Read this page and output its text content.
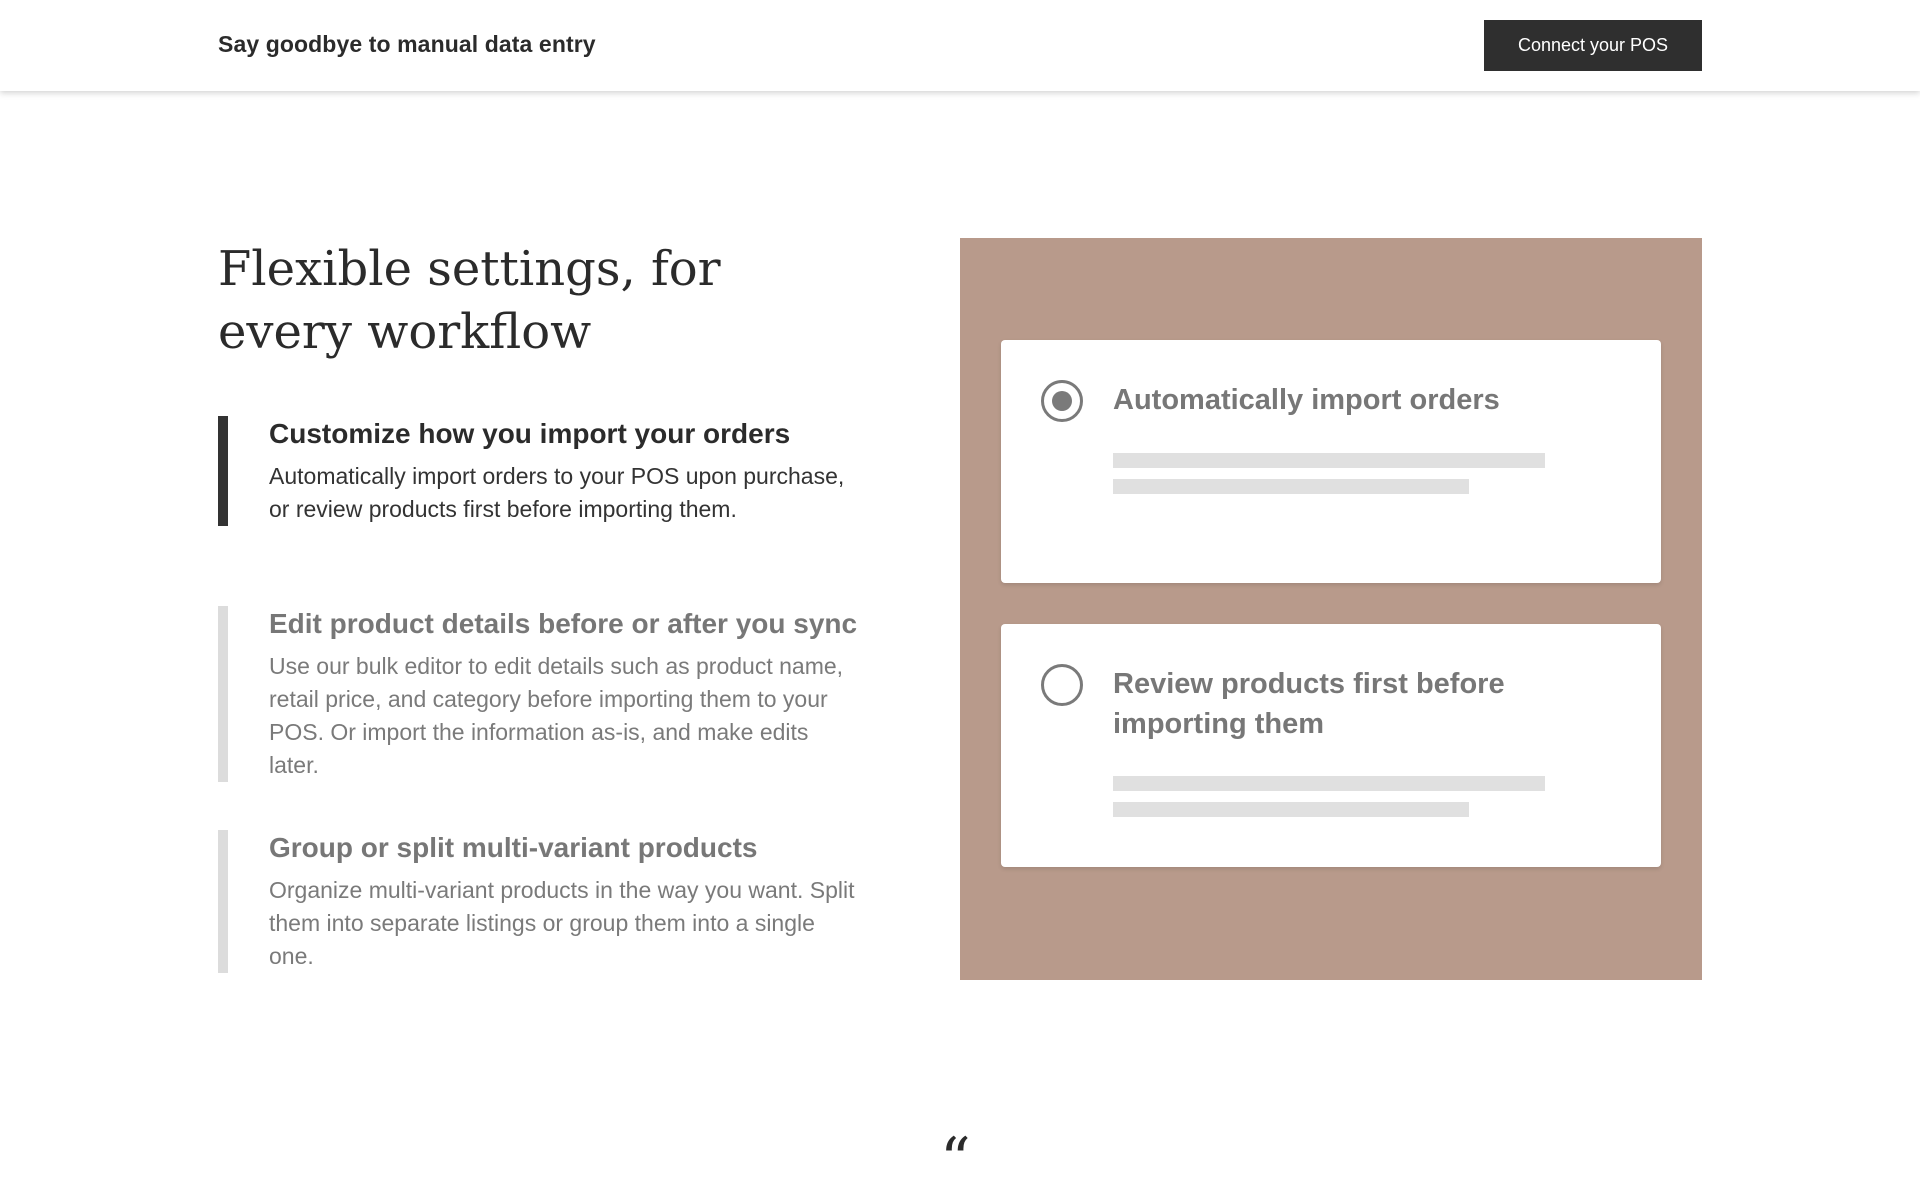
Say goodbye to manual data entry	Connect your POS
Flexible settings, for every workflow
Customize how you import your orders
Automatically import orders to your POS upon purchase, or review products first before importing them.
Edit product details before or after you sync
Use our bulk editor to edit details such as product name, retail price, and category before importing them to your POS. Or import the information as-is, and make edits later.
Group or split multi-variant products
Organize multi-variant products in the way you want. Split them into separate listings or group them into a single one.
Automatically import orders
Review products first before importing them
“
